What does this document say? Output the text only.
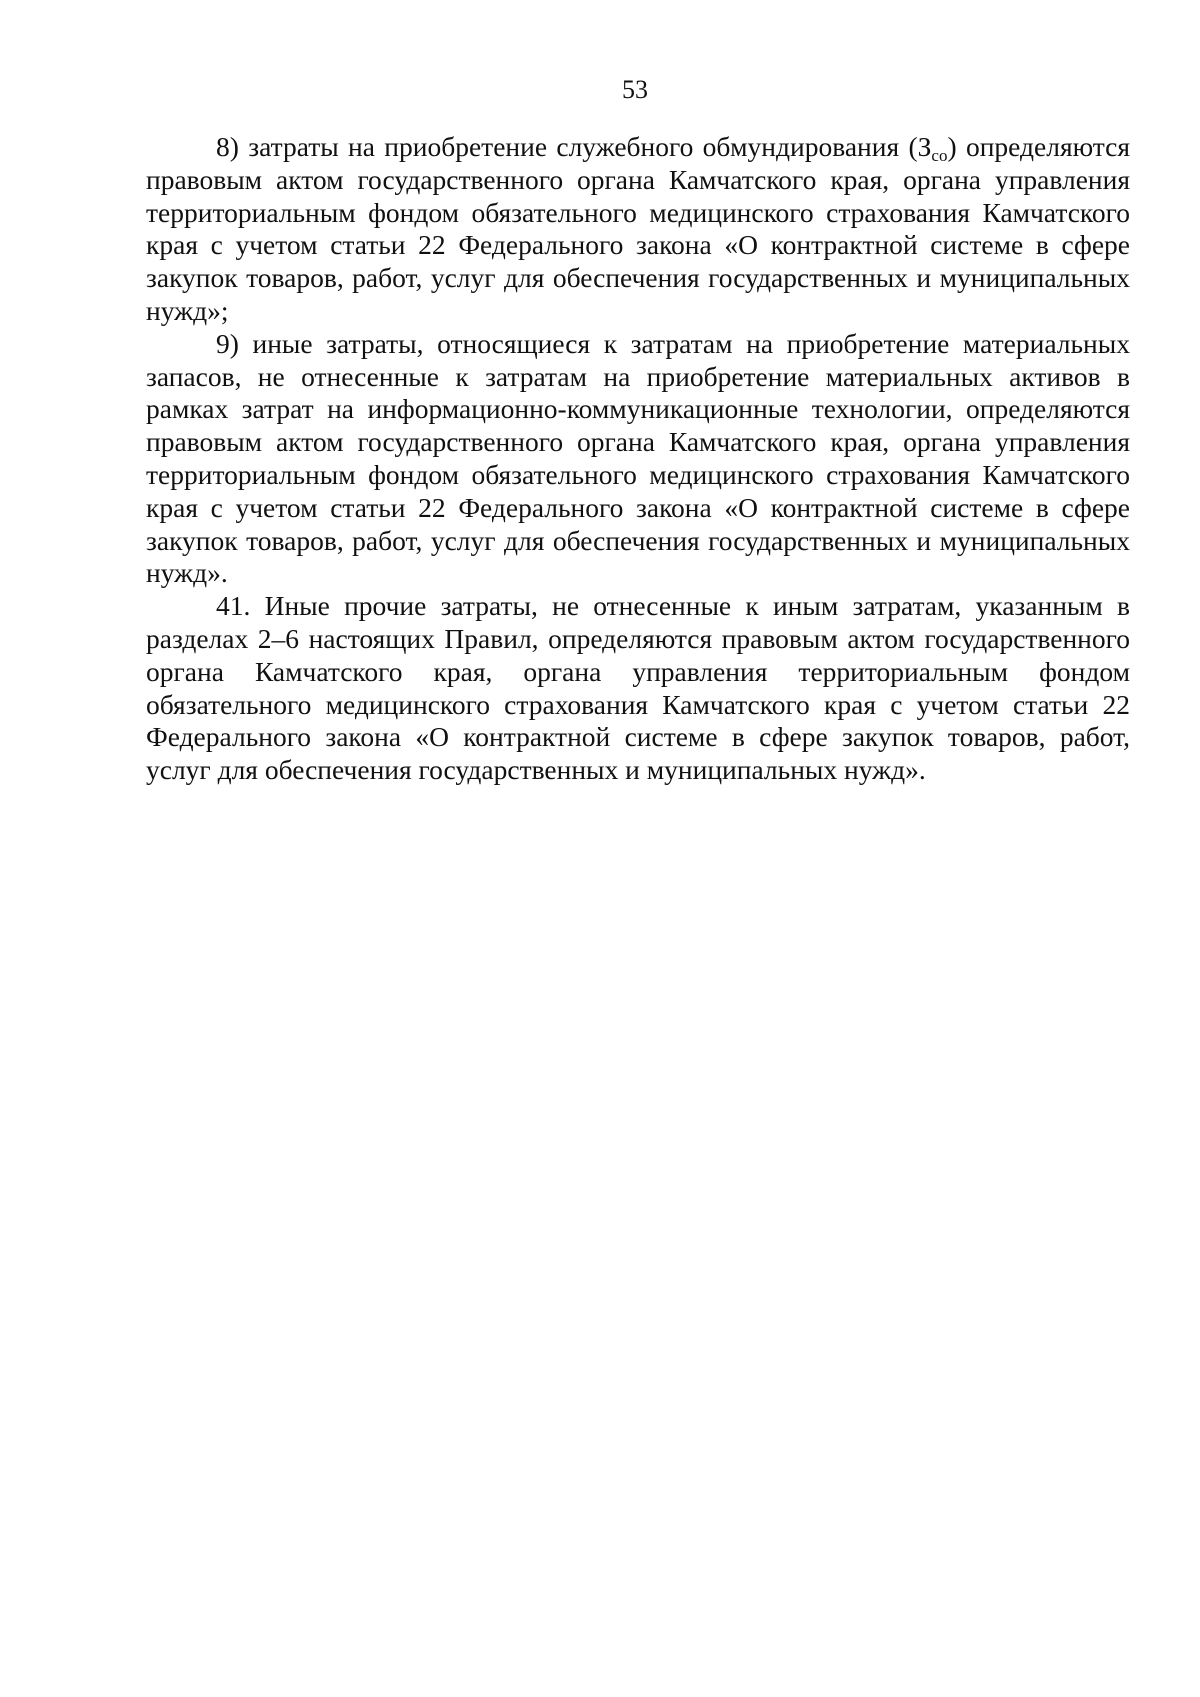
53

8) затраты на приобретение служебного обмундирования $(З_{со})$ определяются правовым актом государственного органа Камчатского края, органа управления территориальным фондом обязательного медицинского страхования Камчатского края с учетом статьи 22 Федерального закона «О контрактной системе в сфере закупок товаров, работ, услуг для обеспечения государственных и муниципальных нужд»;

9) иные затраты, относящиеся к затратам на приобретение материальных запасов, не отнесенные к затратам на приобретение материальных активов в рамках затрат на информационно-коммуникационные технологии, определяются правовым актом государственного органа Камчатского края, органа управления территориальным фондом обязательного медицинского страхования Камчатского края с учетом статьи 22 Федерального закона «О контрактной системе в сфере закупок товаров, работ, услуг для обеспечения государственных и муниципальных нужд».

41. Иные прочие затраты, не отнесенные к иным затратам, указанным в разделах 2–6 настоящих Правил, определяются правовым актом государственного органа Камчатского края, органа управления территориальным фондом обязательного медицинского страхования Камчатского края с учетом статьи 22 Федерального закона «О контрактной системе в сфере закупок товаров, работ, услуг для обеспечения государственных и муниципальных нужд».
